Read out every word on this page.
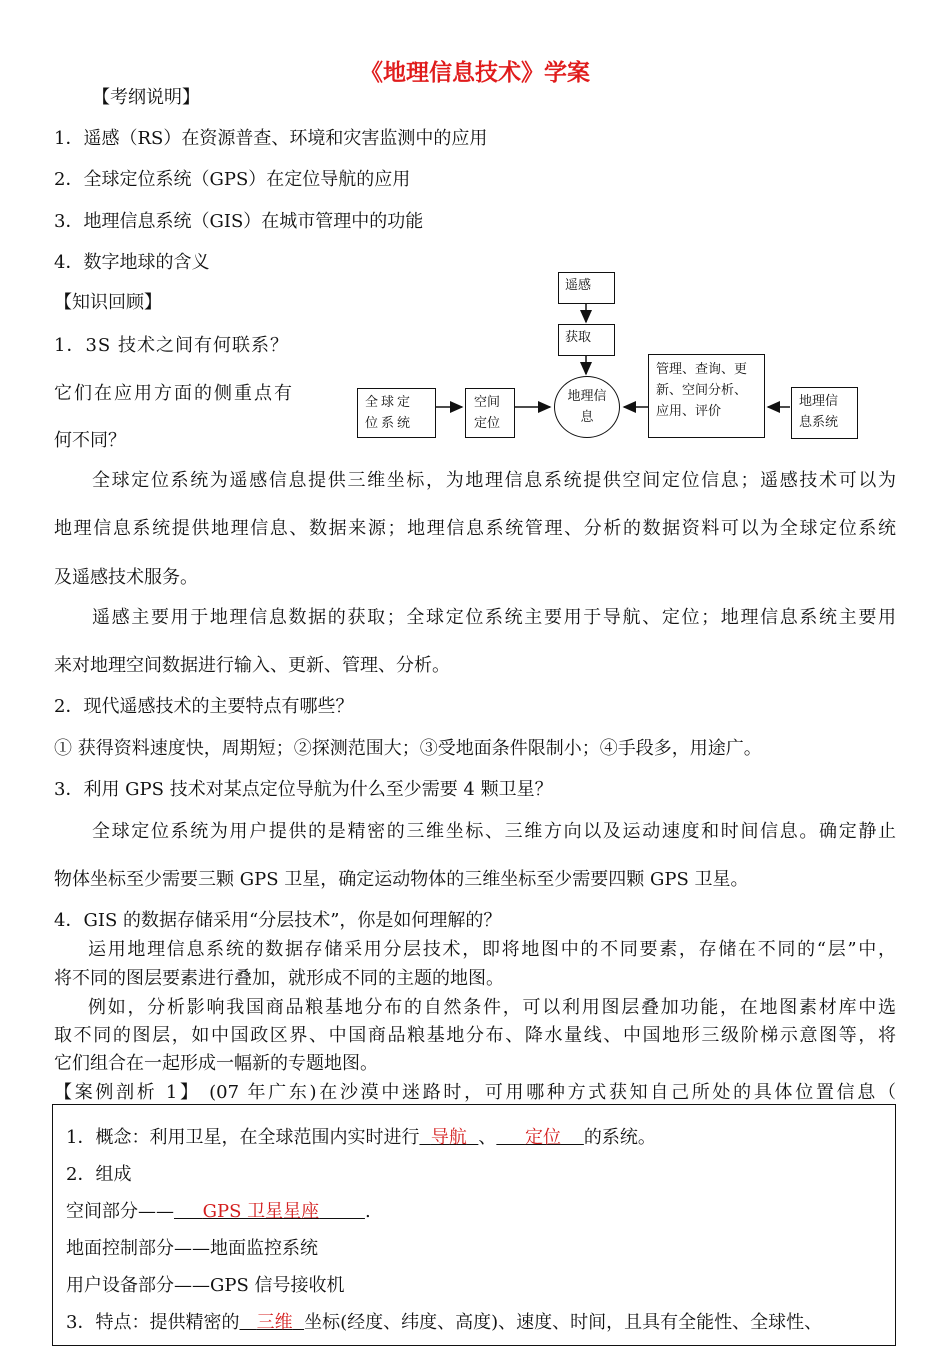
《地理信息技术》学案
【考纲说明】
1．遥感（RS）在资源普查、环境和灾害监测中的应用
2．全球定位系统（GPS）在定位导航的应用
3．地理信息系统（GIS）在城市管理中的功能
4．数字地球的含义
【知识回顾】
1．3S 技术之间有何联系？
它们在应用方面的侧重点有
何不同？
遥感
获取
管理、查询、更新、空间分析、应用、评价
地理信息系统
地理信息
空间定位
全球定位系统
全球定位系统为遥感信息提供三维坐标，为地理信息系统提供空间定位信息；遥感技术可以为
地理信息系统提供地理信息、数据来源；地理信息系统管理、分析的数据资料可以为全球定位系统
及遥感技术服务。
遥感主要用于地理信息数据的获取；全球定位系统主要用于导航、定位；地理信息系统主要用
来对地理空间数据进行输入、更新、管理、分析。
2．现代遥感技术的主要特点有哪些？
① 获得资料速度快，周期短；②探测范围大；③受地面条件限制小；④手段多，用途广。
3．利用 GPS 技术对某点定位导航为什么至少需要 4 颗卫星？
全球定位系统为用户提供的是精密的三维坐标、三维方向以及运动速度和时间信息。确定静止
物体坐标至少需要三颗 GPS 卫星，确定运动物体的三维坐标至少需要四颗 GPS 卫星。
4．GIS 的数据存储采用“分层技术”，你是如何理解的？
运用地理信息系统的数据存储采用分层技术，即将地图中的不同要素，存储在不同的“层”中，
将不同的图层要素进行叠加，就形成不同的主题的地图。
例如，分析影响我国商品粮基地分布的自然条件，可以利用图层叠加功能，在地图素材库中选
取不同的图层，如中国政区界、中国商品粮基地分布、降水量线、中国地形三级阶梯示意图等，将
它们组合在一起形成一幅新的专题地图。
【案例剖析 1】 (07 年广东)在沙漠中迷路时，可用哪种方式获知自己所处的具体位置信息（
1．概念：利用卫星，在全球范围内实时进行 导航 、 定位 的系统。
2．组成
空间部分—— GPS 卫星星座	.
地面控制部分——地面监控系统
用户设备部分——GPS 信号接收机
3．特点：提供精密的 三维 坐标(经度、纬度、高度)、速度、时间，且具有全能性、全球性、
